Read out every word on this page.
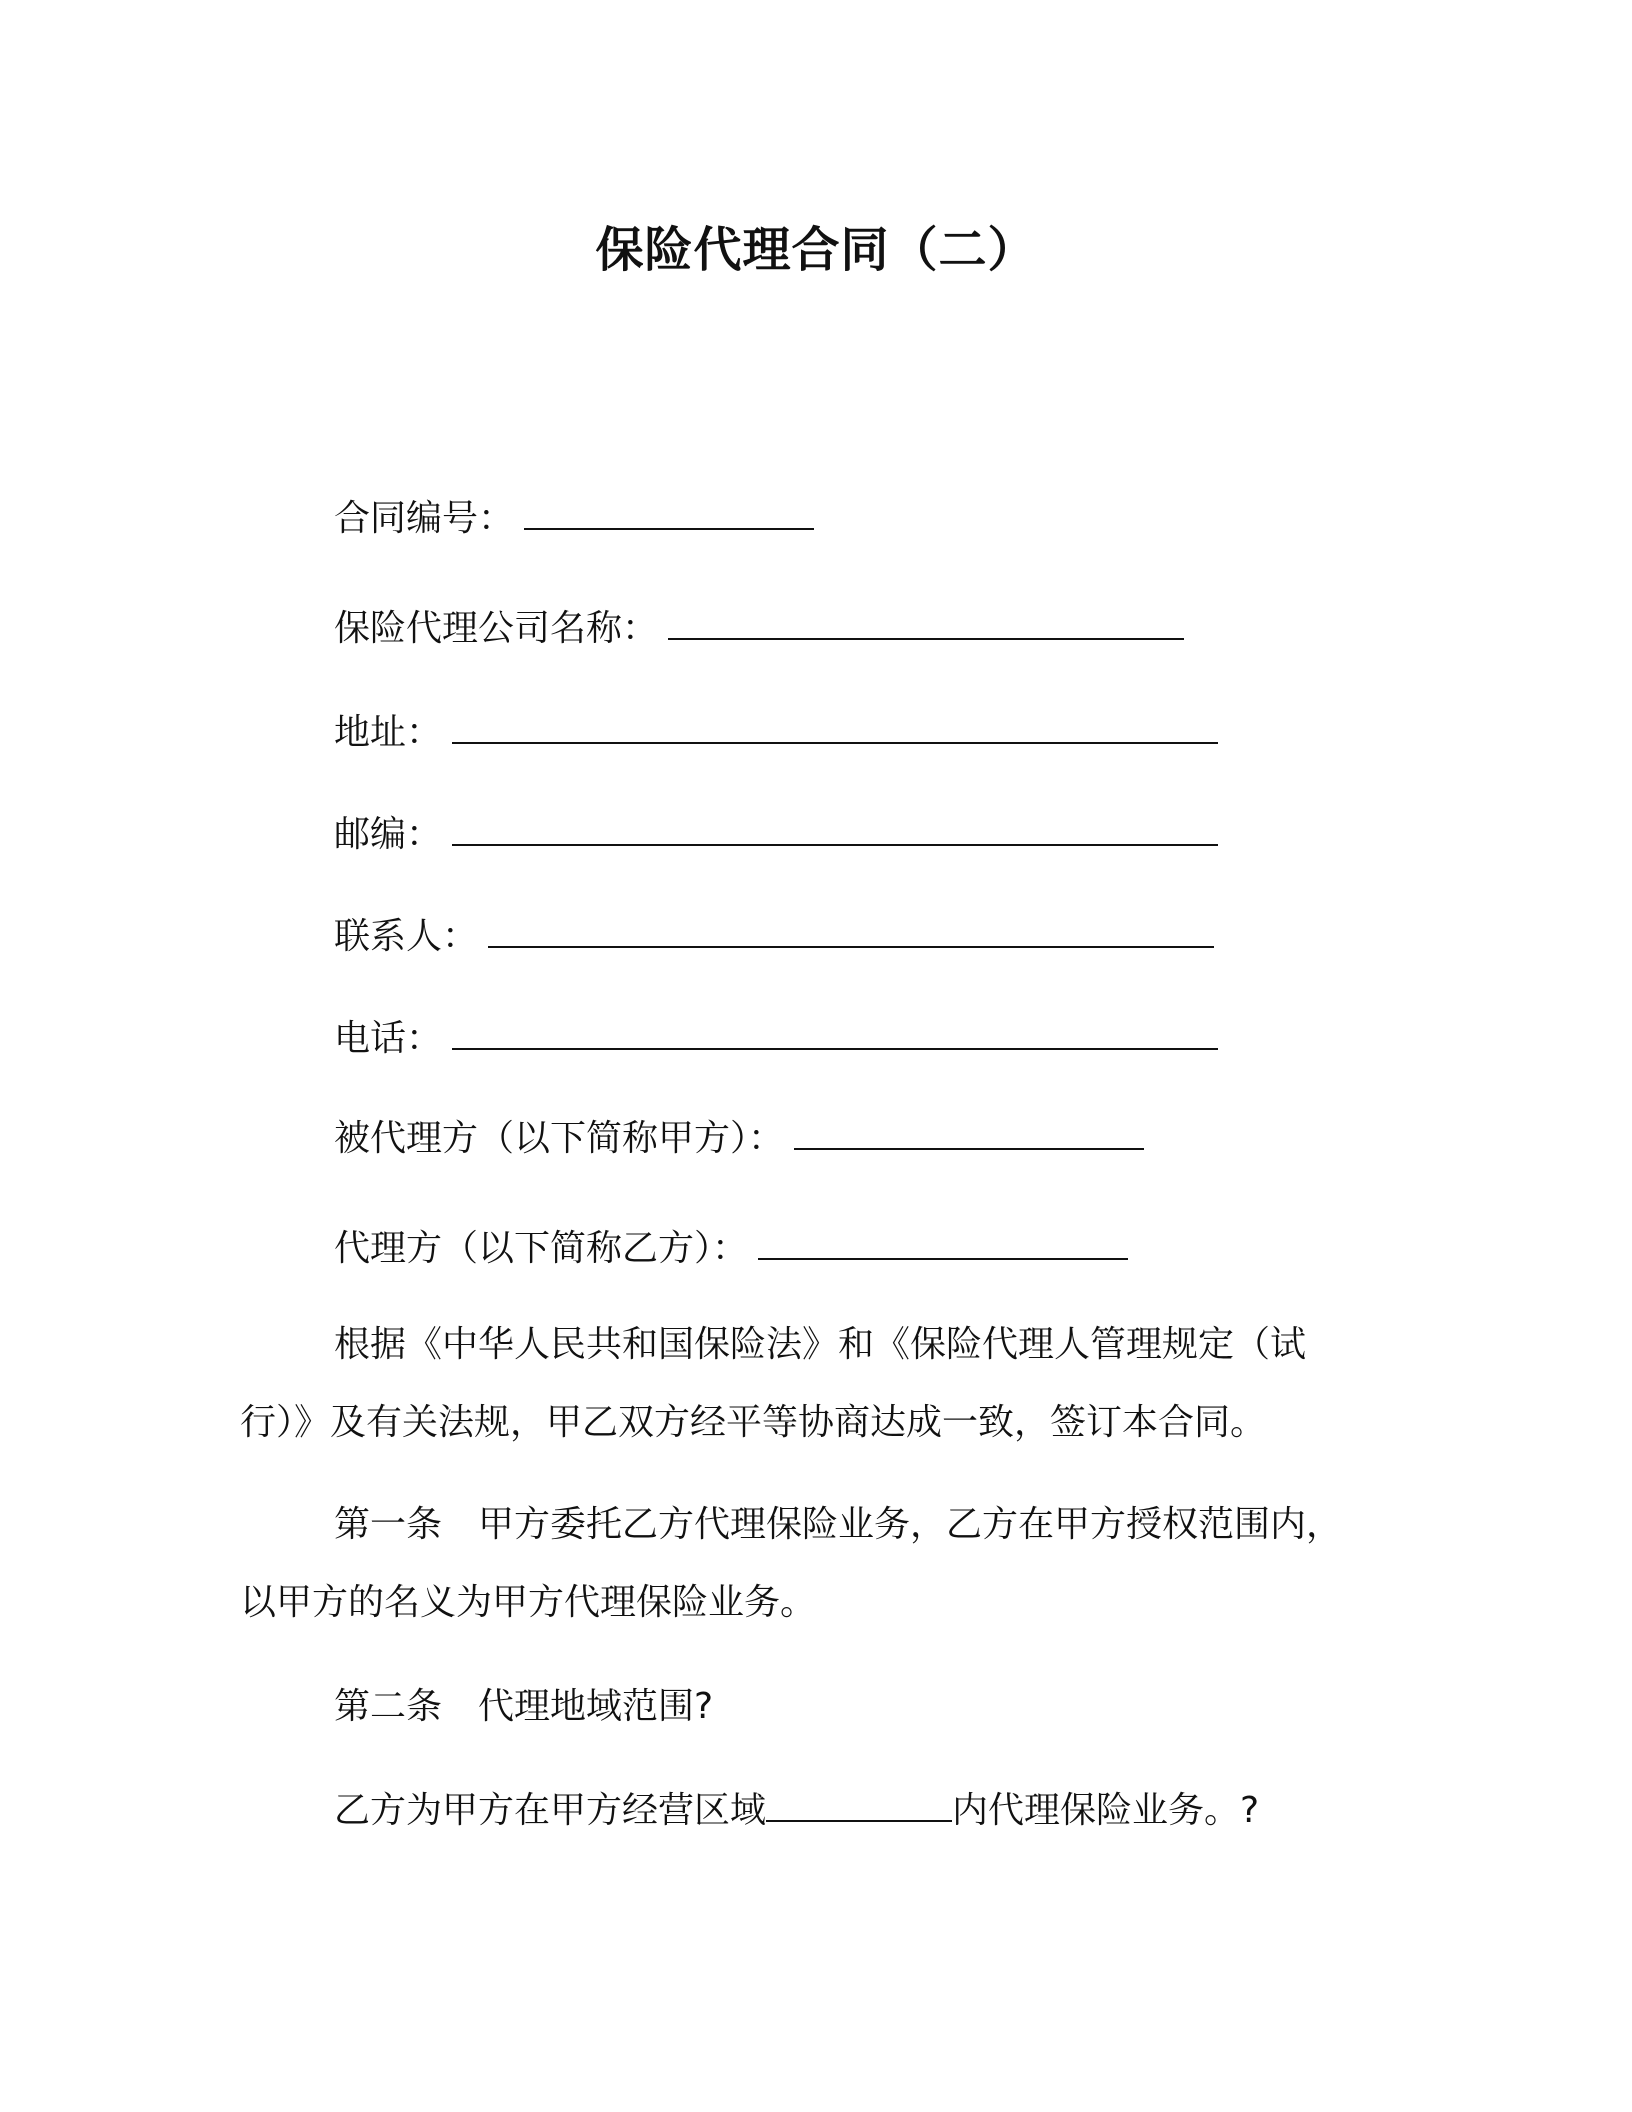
保险代理合同（二）
合同编号：
保险代理公司名称：
地址：
邮编：
联系人：
电话：
被代理方（以下简称甲方）：
代理方（以下简称乙方）：
根据《中华人民共和国保险法》和《保险代理人管理规定（试
行）》及有关法规，甲乙双方经平等协商达成一致，签订本合同。
第一条 甲方委托乙方代理保险业务，乙方在甲方授权范围内，
以甲方的名义为甲方代理保险业务。
第二条 代理地域范围?
乙方为甲方在甲方经营区域	内代理保险业务。?
